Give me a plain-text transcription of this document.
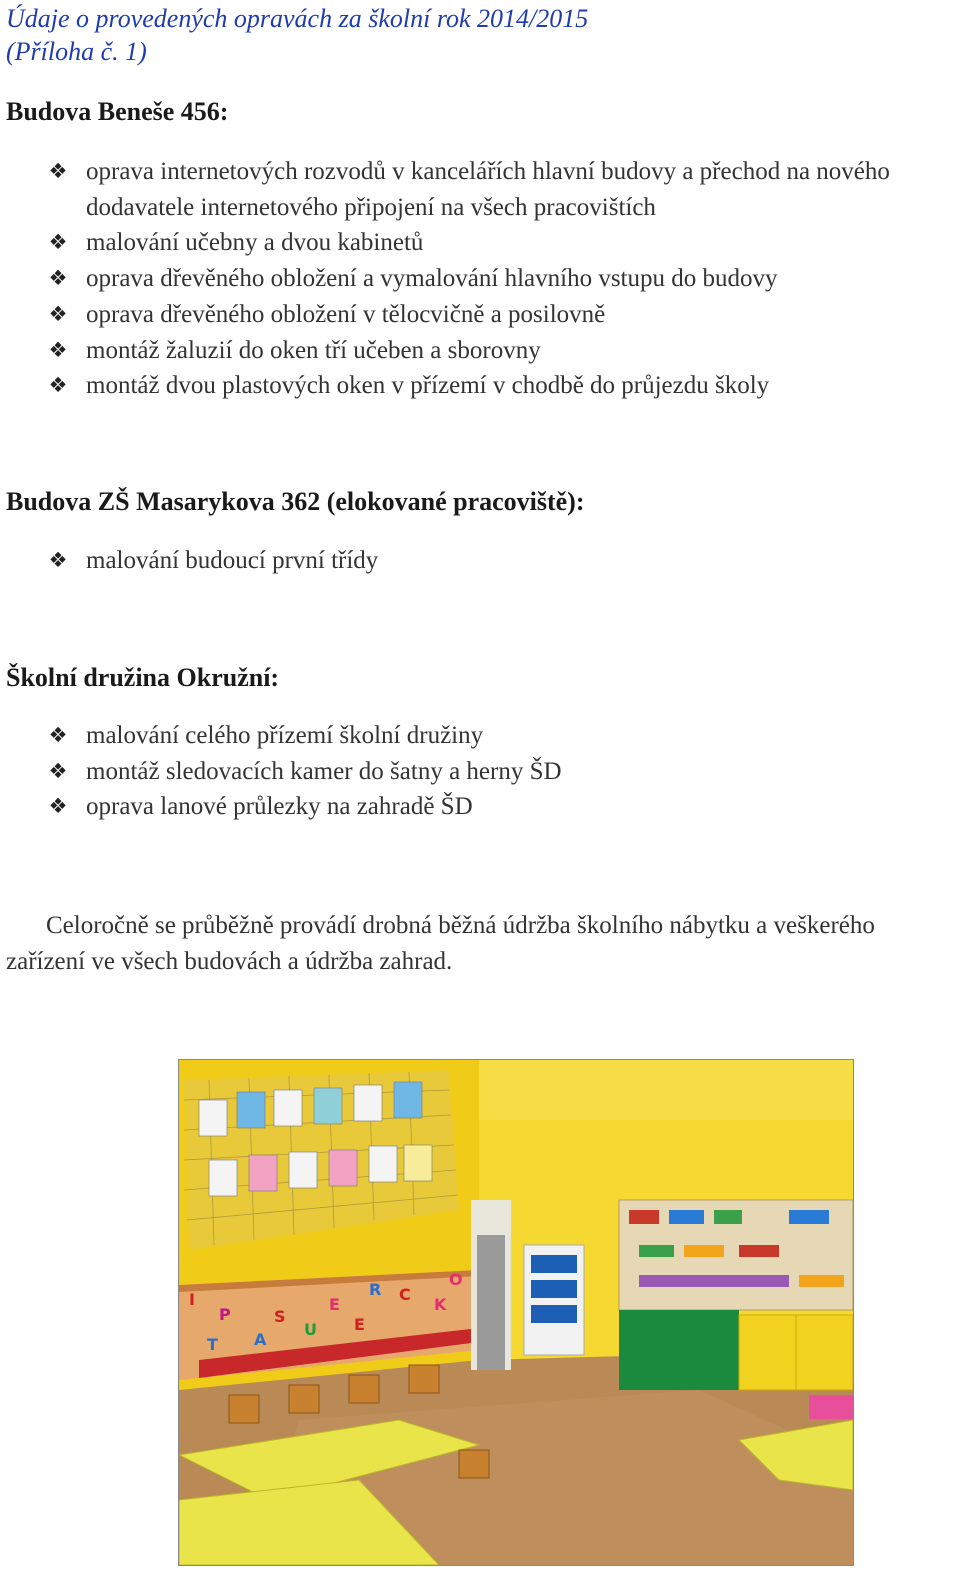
Údaje o provedených opravách za školní rok 2014/2015
(Příloha č. 1)
Budova Beneše 456:
❖ oprava internetových rozvodů v kancelářích hlavní budovy a přechod na nového dodavatele internetového připojení na všech pracovištích
❖ malování učebny a dvou kabinetů
❖ oprava dřevěného obložení a vymalování hlavního vstupu do budovy
❖ oprava dřevěného obložení v tělocvičně a posilovně
❖ montáž žaluzií do oken tří učeben a sborovny
❖ montáž dvou plastových oken v přízemí v chodbě do průjezdu školy
Budova ZŠ Masarykova 362 (elokované pracoviště):
❖ malování budoucí první třídy
Školní družina Okružní:
❖ malování celého přízemí školní družiny
❖ montáž sledovacích kamer do šatny a herny ŠD
❖ oprava lanové průlezky na zahradě ŠD
Celoročně se průběžně provádí drobná běžná údržba školního nábytku a veškerého zařízení ve všech budovách a údržba zahrad.
P	S
E
R C
K
I
T A
O
U E
